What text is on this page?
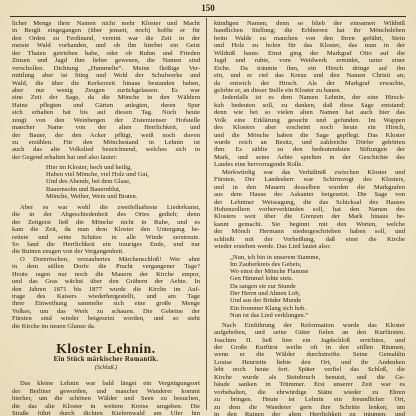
150
licher Menge ihrer Namen nicht mehr Kloster und Macht
in Bergli eingegangen (über jenseit, noch) hoffte er für
den Orden zu Ferdinand, vereint war die Zeit in der
meiste Wald vorhanden, und ob ihn hierbei ein Geist
der Thaten getrieben habe, oder ob Ruhm und Frieden
Zinsen und Jagd ihm lieber gewesen, die Namen sind
verschollen. Dichtung „Hummelte“. Meine fleißige Ver-
mittlung aber ist Stieg und Wohl der Schulwerke und
Wald, die über die Kerkerzeit hinaus bestanden haben,
aber nur wenig Zeugen zurückgelassen. Es war
eine Zeit der Sage, da die Mönche in den Wäldern
Haine pflegten und Gärten anlegten, deren Spur
sich erhalten hat bis auf diesen Tag. Noch heute
zeugt von den Weinbergen der Zisterzienser Hofstelle
mancher Name von der alten Herrlichkeit, und
der Bauer, der den Acker pflügt, weiß noch davon
zu erzählen. Für den Mönchsstand in Lehnin ist
auch das alte Volkslied bezeichnend, welches sich in
der Gegend erhalten hat und also lautet:
Hier im Kloster, hoch und heilig,
Haben viel Mönche, viel Holz und Gut,
Und des Abends, bei dem Glase,
Bauernsohn und Bauernblut,
Mönche, Weiber, Wein und Braten.
Aber es war wohl die zweifelhafteste Liederkunst,
die in der Abgeschiedenheit des Ortes gedieh; denn
der Zeitgeist ließ die Mönche nicht in Ruhe, und es
kam die Zeit, da man dem Kloster den Untergang be-
reitete und seine Schätze in alle Winde zerstreute.
So fand die Herrlichkeit ein trauriges Ende, und nur
die Ruinen zeugen von der Vergangenheit.
O Dornröschen, verzaubertes Märchenschloß! Wer ahnt
in dem stillen Dorfe die Pracht vergangener Tage?
Heute ragen nur noch die Mauern der Kirche empor,
und das Gras wächst über den Gräbern der Aebte. In
den Jahren 1871 bis 1877 wurde die Kirche im Auf-
trage des Kaisers wiederhergestellt, und am Tage
ihrer Einweihung sammelte sich eine große Menge
Volkes, um das Werk zu schauen. Die Gebeine der
Fürsten sind wieder beigesetzt worden, und so steht
die Kirche im neuen Glanze da.
Kloster Lehnin.
Ein Stück märkischer Romantik.
(Schluß.)
Das kleine Lehnin war bald längst ein Vergnügungsort
der Berliner geworden, und mancher Wanderer kommt
hierher, um die schönen Wälder und Seen zu besuchen,
die das alte Kloster in weitem Kreise umgeben. Die
Straße führt durch dichten Kiefernwald am Ufer hin
kündigen Namen, denn so blieb der einsamen Wildniß
handlichen Stellung; die Erbherren hat ihr Mönchsleben
beim Walde zu manchen von den Ihren geführt, Stein
und Holz zu holen für das Kloster, das man in der
Wildniß baute. Einst ging der Markgraf Otto auf die
Jagd und ruhte, vom Weidwerk ermüdet, unter einer
Eiche. Da träumte ihm, ein Hirsch dringe auf ihn
ein, und er rief das Kreuz und den Namen Christi an;
da entwich der Hirsch. Als der Markgraf erwachte,
gelobte er, an dieser Stelle ein Kloster zu bauen.
Jedenfalls ist es dem Namen Lehnin, der eine Hirsch-
kuh bedeuten soll, zu danken, daß diese Sage entstand;
denn wie bei so vielen alten Namen hat auch hier das
Volk eine Erklärung gesucht und gefunden. Im Wappen
des Klosters aber erscheint noch heute ein Hirsch,
und die Mönche haben die Sage gepflegt. Das Kloster
wurde reich an Besitz, und zahlreiche Dörfer gehörten
ihm. Es zählte zu den bedeutendsten Stiftungen der
Mark, und seine Aebte spielten in der Geschichte des
Landes eine hervorragende Rolle.
Merkwürdig war das Verhältniß zwischen Kloster und
Fürsten. Der Landesherr war Schirmvogt des Klosters,
und in den Mauern desselben wurden die Markgrafen
aus dem Hause der Askanier beigesetzt. Die Sage von
der Lehniner Weissagung, die das Schicksal des Hauses
Hohenzollern vorherverkünden soll, hat den Namen des
Klosters weit über die Grenzen der Mark hinaus be-
kannt gemacht. Sie beginnt mit den Worten, welche
der Mönch Hermann niedergeschrieben haben soll, und
schließt mit der Verheißung, daß einst die Kirche
wieder erstehen werde. Das Lied lautet also:
„Nun, ich bin in unserem Stamme,
Im Zauberkreis des Gebets,
Wo einst der Mönche Flamme
Gen Himmel lohte stets.
Da sangen sie zur Stunde
Der Herrn und Ahnen Lob,
Und aus der Brüder Munde
Ein frommer Klang sich hob.
Nun ist das Lied verklungen.“
Nach Einführung der Reformation wurde das Kloster
aufgehoben, und seine Güter fielen an den Kurfürsten.
Joachim II. ließ hier ein Jagdschloß errichten, und
der Große Kurfürst weilte oft in den stillen Räumen,
wenn er die Wälder durchstreifte. Seine Gemahlin
Louise Henriette liebte den Ort, und ihr Andenken
lebt noch heute fort. Später verfiel das Schloß, die
Kirche wurde als Steinbruch benutzt, und die Ge-
bäude sanken in Trümmer. Erst unserer Zeit war es
vorbehalten, die ehrwürdige Stätte wieder zu Ehren
zu bringen. Heute ist Lehnin ein freundlicher Ort,
zu dem die Wanderer gern ihre Schritte lenken, um
in den Ruinen der alten Herrlichkeit zu träumen, und
